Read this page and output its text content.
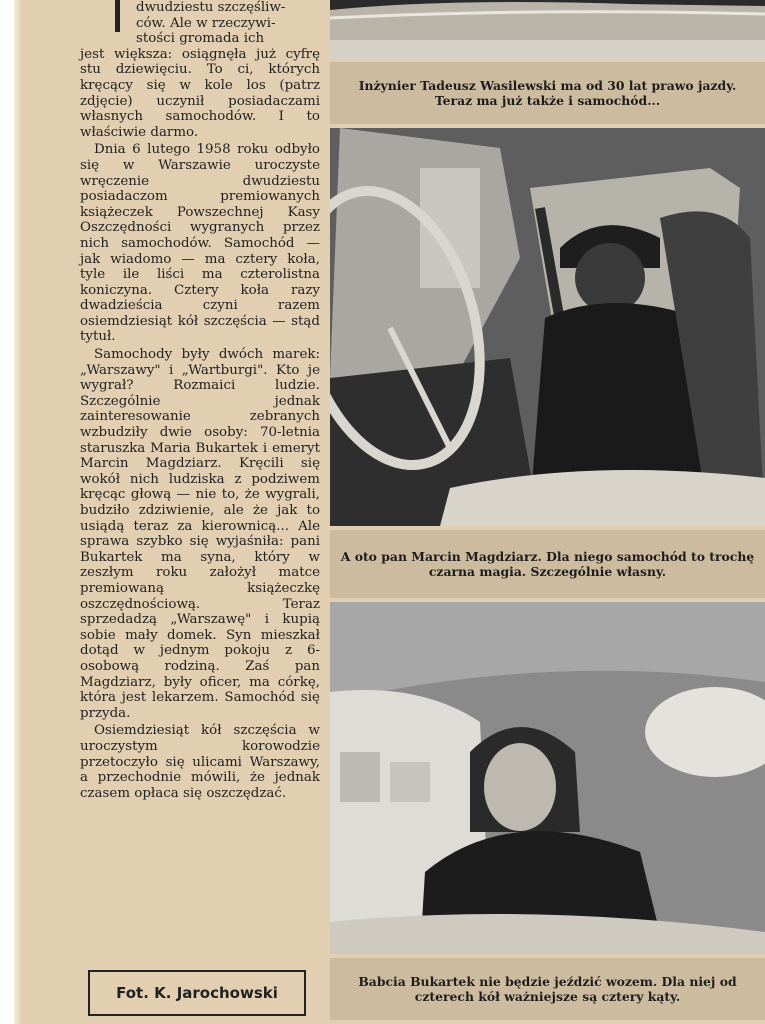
dwudziestu szczęśliw-
ców. Ale w rzeczywi-
stości gromada ich

jest większa: osiągnęła już cyfrę stu dziewięciu. To ci, których kręcący się w kole los (patrz zdjęcie) uczynił posiadaczami własnych samochodów. I to właściwie darmo.

Dnia 6 lutego 1958 roku odbyło się w Warszawie uroczyste wręczenie dwudziestu posiadaczom premiowanych książeczek Powszechnej Kasy Oszczędności wygranych przez nich samochodów. Samochód — jak wiadomo — ma cztery koła, tyle ile liści ma czterolistna koniczyna. Cztery koła razy dwadzieścia czyni razem osiemdziesiąt kół szczęścia — stąd tytuł.

Samochody były dwóch marek: „Warszawy" i „Wartburgi". Kto je wygrał? Rozmaici ludzie. Szczególnie jednak zainteresowanie zebranych wzbudziły dwie osoby: 70-letnia staruszka Maria Bukartek i emeryt Marcin Magdziarz. Kręcili się wokół nich ludziska z podziwem kręcąc głową — nie to, że wygrali, budziło zdziwienie, ale że jak to usiądą teraz za kierownicą... Ale sprawa szybko się wyjaśniła: pani Bukartek ma syna, który w zeszłym roku założył matce premiowaną książeczkę oszczędnościową. Teraz sprzedadzą „Warszawę" i kupią sobie mały domek. Syn mieszkał dotąd w jednym pokoju z 6-osobową rodziną. Zaś pan Magdziarz, były oficer, ma córkę, która jest lekarzem. Samochód się przyda.

Osiemdziesiąt kół szczęścia w uroczystym korowodzie przetoczyło się ulicami Warszawy, a przechodnie mówili, że jednak czasem opłaca się oszczędzać.

Fot. K. Jarochowski
Inżynier Tadeusz Wasilewski ma od 30 lat prawo jazdy. Teraz ma już także i samochód...
A oto pan Marcin Magdziarz. Dla niego samochód to trochę czarna magia. Szczególnie własny.
Babcia Bukartek nie będzie jeździć wozem. Dla niej od czterech kół ważniejsze są cztery kąty.
